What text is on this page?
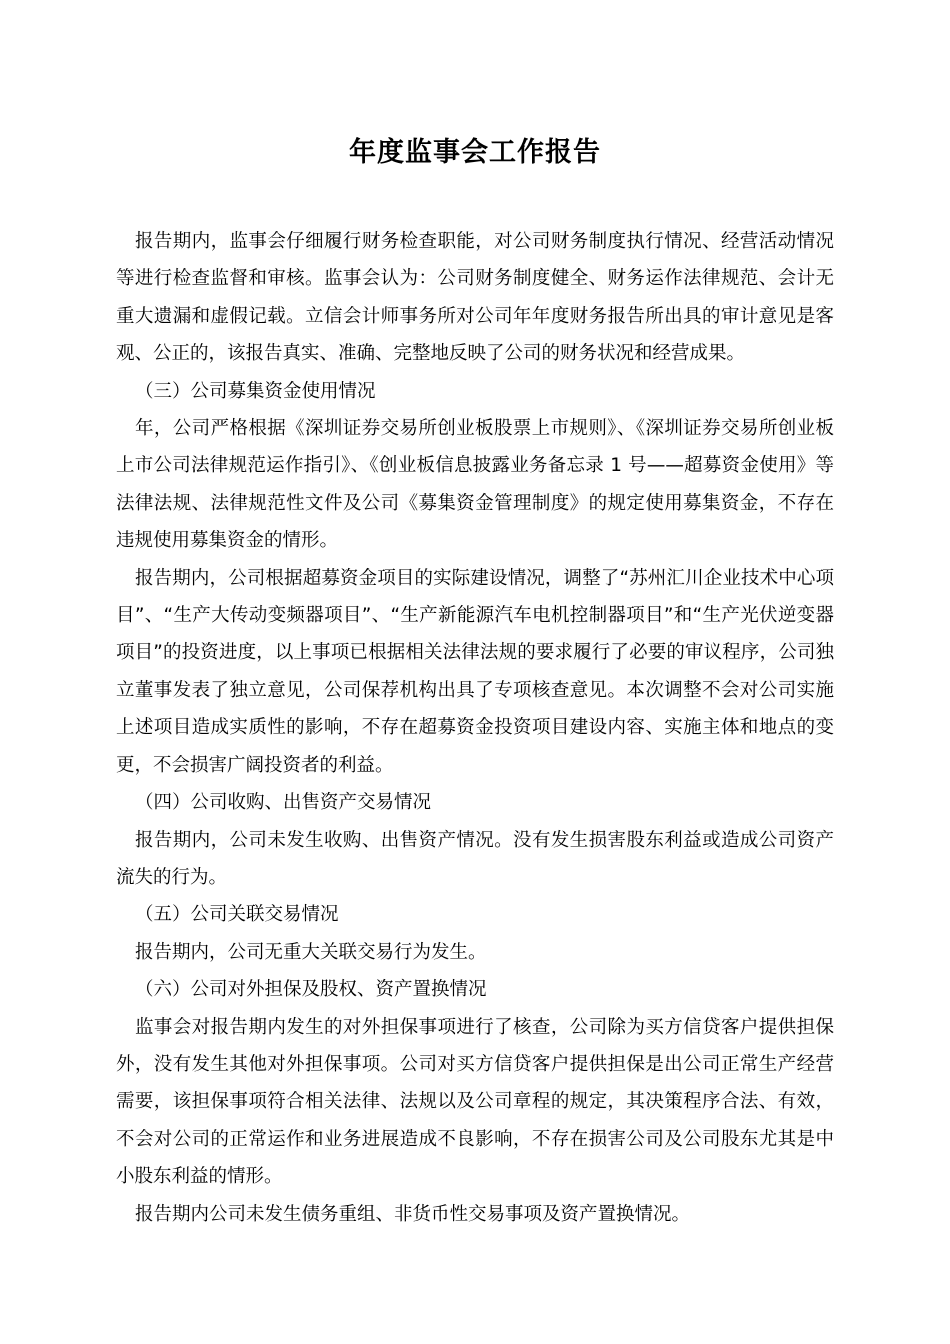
年度监事会工作报告

报告期内，监事会仔细履行财务检查职能，对公司财务制度执行情况、经营活动情况等进行检查监督和审核。监事会认为：公司财务制度健全、财务运作法律规范、会计无重大遗漏和虚假记载。立信会计师事务所对公司年年度财务报告所出具的审计意见是客观、公正的，该报告真实、准确、完整地反映了公司的财务状况和经营成果。

（三）公司募集资金使用情况

年，公司严格根据《深圳证券交易所创业板股票上市规则》、《深圳证券交易所创业板上市公司法律规范运作指引》、《创业板信息披露业务备忘录 1 号——超募资金使用》等法律法规、法律规范性文件及公司《募集资金管理制度》的规定使用募集资金，不存在违规使用募集资金的情形。

报告期内，公司根据超募资金项目的实际建设情况，调整了“苏州汇川企业技术中心项目”、“生产大传动变频器项目”、“生产新能源汽车电机控制器项目”和“生产光伏逆变器项目”的投资进度，以上事项已根据相关法律法规的要求履行了必要的审议程序，公司独立董事发表了独立意见，公司保荐机构出具了专项核查意见。本次调整不会对公司实施上述项目造成实质性的影响，不存在超募资金投资项目建设内容、实施主体和地点的变更，不会损害广阔投资者的利益。

（四）公司收购、出售资产交易情况

报告期内，公司未发生收购、出售资产情况。没有发生损害股东利益或造成公司资产流失的行为。

（五）公司关联交易情况

报告期内，公司无重大关联交易行为发生。

（六）公司对外担保及股权、资产置换情况

监事会对报告期内发生的对外担保事项进行了核查，公司除为买方信贷客户提供担保外，没有发生其他对外担保事项。公司对买方信贷客户提供担保是出公司正常生产经营需要，该担保事项符合相关法律、法规以及公司章程的规定，其决策程序合法、有效，不会对公司的正常运作和业务进展造成不良影响，不存在损害公司及公司股东尤其是中小股东利益的情形。

报告期内公司未发生债务重组、非货币性交易事项及资产置换情况。
